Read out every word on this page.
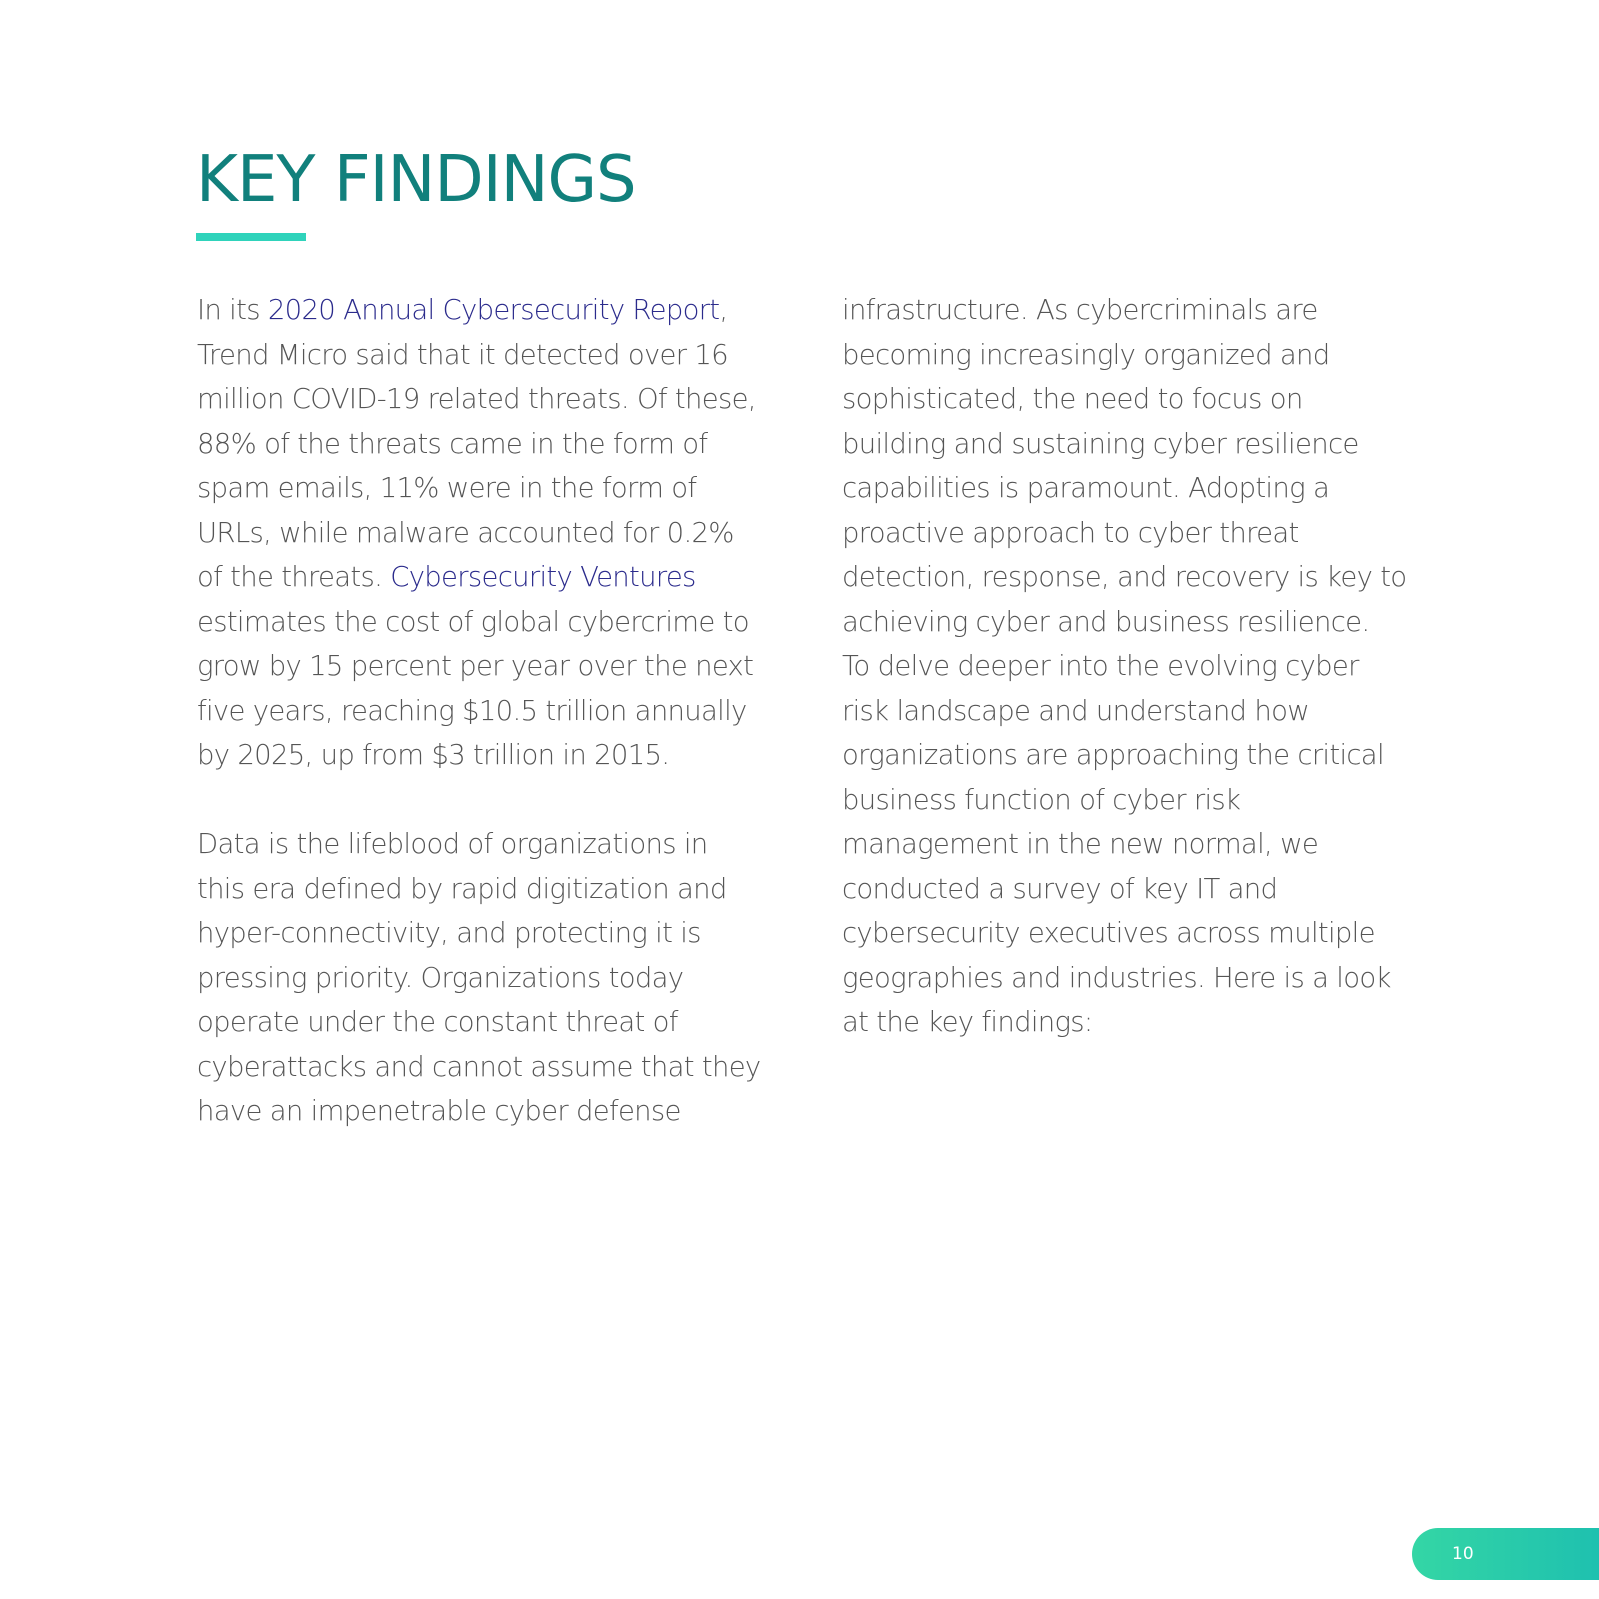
KEY FINDINGS
In its 2020 Annual Cybersecurity Report,
Trend Micro said that it detected over 16
million COVID-19 related threats. Of these,
88% of the threats came in the form of
spam emails, 11% were in the form of
URLs, while malware accounted for 0.2%
of the threats. Cybersecurity Ventures
estimates the cost of global cybercrime to
grow by 15 percent per year over the next
five years, reaching $10.5 trillion annually
by 2025, up from $3 trillion in 2015.
Data is the lifeblood of organizations in
this era defined by rapid digitization and
hyper-connectivity, and protecting it is
pressing priority. Organizations today
operate under the constant threat of
cyberattacks and cannot assume that they
have an impenetrable cyber defense
infrastructure. As cybercriminals are
becoming increasingly organized and
sophisticated, the need to focus on
building and sustaining cyber resilience
capabilities is paramount. Adopting a
proactive approach to cyber threat
detection, response, and recovery is key to
achieving cyber and business resilience.
To delve deeper into the evolving cyber
risk landscape and understand how
organizations are approaching the critical
business function of cyber risk
management in the new normal, we
conducted a survey of key IT and
cybersecurity executives across multiple
geographies and industries. Here is a look
at the key findings:
10
